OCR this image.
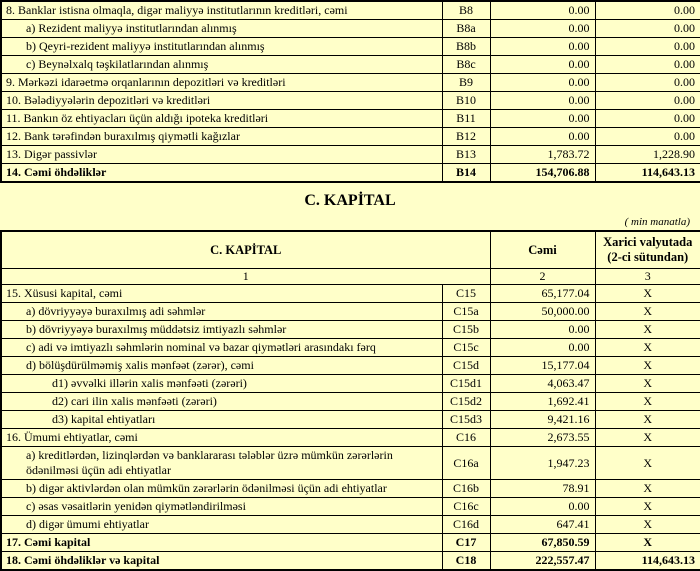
8. Banklar istisna olmaqla, digər maliyyə institutlarının kreditləri, cəmi	B8	0.00	0.00
a) Rezident maliyyə institutlarından alınmış	B8a	0.00	0.00
b) Qeyri-rezident maliyyə institutlarından alınmış	B8b	0.00	0.00
c) Beynəlxalq təşkilatlarından alınmış	B8c	0.00	0.00
9. Mərkəzi idarəetmə orqanlarının depozitləri və kreditləri	B9	0.00	0.00
10. Bələdiyyələrin depozitləri və kreditləri	B10	0.00	0.00
11. Bankın öz ehtiyacları üçün aldığı ipoteka kreditləri	B11	0.00	0.00
12. Bank tərəfindən buraxılmış qiymətli kağızlar	B12	0.00	0.00
13. Digər passivlər	B13	1,783.72	1,228.90
14. Cəmi öhdəliklər	B14	154,706.88	114,643.13
C. KAPİTAL
( min manatla)
C. KAPİTAL		Cəmi	Xarici valyutada (2-ci sütundan)
1		2	3
15. Xüsusi kapital, cəmi	C15	65,177.04	X
a) dövriyyəyə buraxılmış adi səhmlər	C15a	50,000.00	X
b) dövriyyəyə buraxılmış müddətsiz imtiyazlı səhmlər	C15b	0.00	X
c) adi və imtiyazlı səhmlərin nominal və bazar qiymətləri arasındakı fərq	C15c	0.00	X
d) bölüşdürülməmiş xalis mənfəət (zərər), cəmi	C15d	15,177.04	X
d1) əvvəlki illərin xalis mənfəəti (zərəri)	C15d1	4,063.47	X
d2) cari ilin xalis mənfəəti (zərəri)	C15d2	1,692.41	X
d3) kapital ehtiyatları	C15d3	9,421.16	X
16. Ümumi ehtiyatlar, cəmi	C16	2,673.55	X
a) kreditlərdən, lizinqlərdən və banklararası tələblər üzrə mümkün zərərlərin ödənilməsi üçün adi ehtiyatlar	C16a	1,947.23	X
b) digər aktivlərdən olan mümkün zərərlərin ödənilməsi üçün adi ehtiyatlar	C16b	78.91	X
c) əsas vəsaitlərin yenidən qiymətləndirilməsi	C16c	0.00	X
d) digər ümumi ehtiyatlar	C16d	647.41	X
17. Cəmi kapital	C17	67,850.59	X
18. Cəmi öhdəliklər və kapital	C18	222,557.47	114,643.13
